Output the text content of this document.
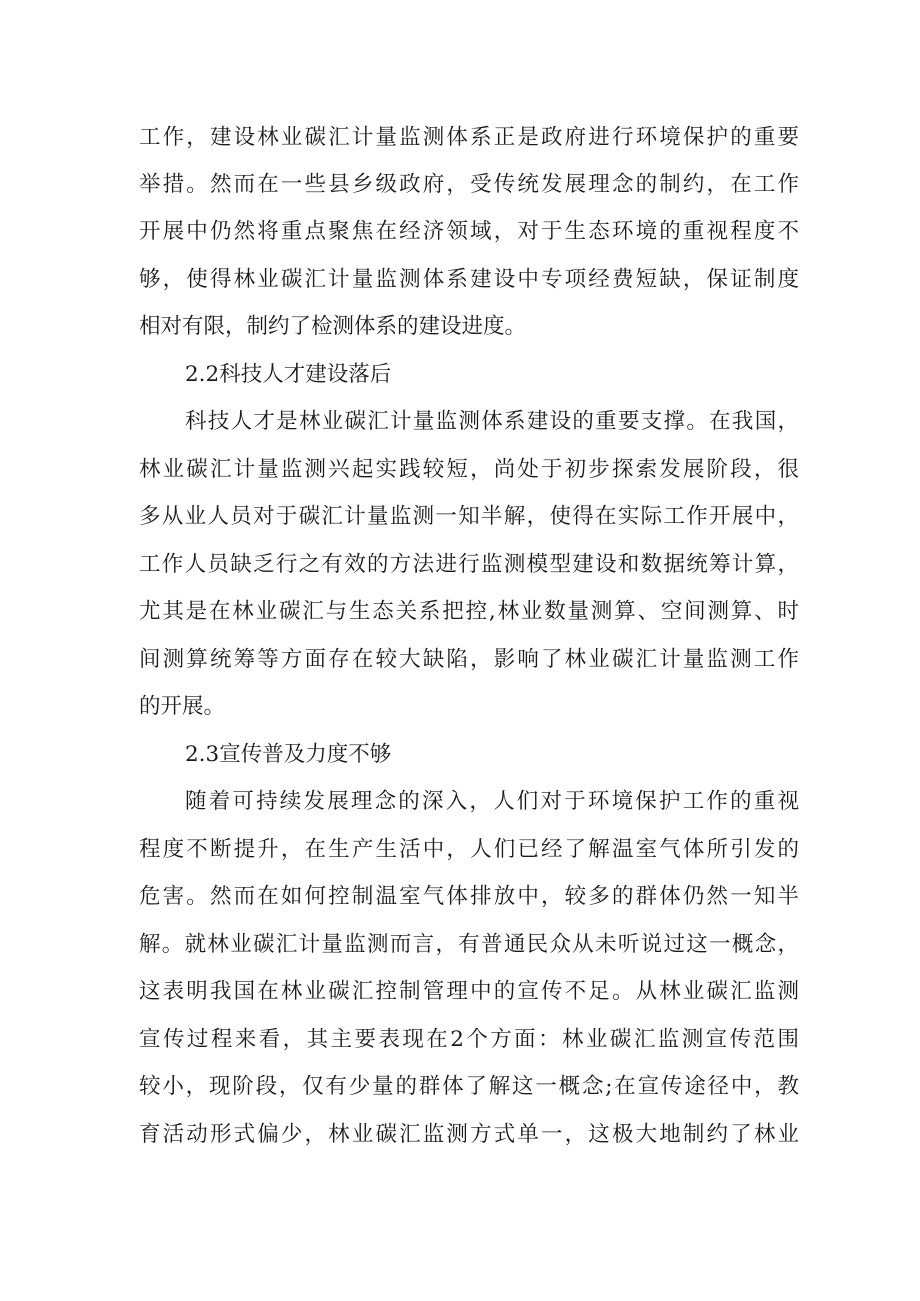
工作，建设林业碳汇计量监测体系正是政府进行环境保护的重要
举措。然而在一些县乡级政府，受传统发展理念的制约，在工作
开展中仍然将重点聚焦在经济领域，对于生态环境的重视程度不
够，使得林业碳汇计量监测体系建设中专项经费短缺，保证制度
相对有限，制约了检测体系的建设进度。
2.2科技人才建设落后
科技人才是林业碳汇计量监测体系建设的重要支撑。在我国，
林业碳汇计量监测兴起实践较短，尚处于初步探索发展阶段，很
多从业人员对于碳汇计量监测一知半解，使得在实际工作开展中，
工作人员缺乏行之有效的方法进行监测模型建设和数据统筹计算，
尤其是在林业碳汇与生态关系把控,林业数量测算、空间测算、时
间测算统筹等方面存在较大缺陷，影响了林业碳汇计量监测工作
的开展。
2.3宣传普及力度不够
随着可持续发展理念的深入，人们对于环境保护工作的重视
程度不断提升，在生产生活中，人们已经了解温室气体所引发的
危害。然而在如何控制温室气体排放中，较多的群体仍然一知半
解。就林业碳汇计量监测而言，有普通民众从未听说过这一概念，
这表明我国在林业碳汇控制管理中的宣传不足。从林业碳汇监测
宣传过程来看，其主要表现在2个方面：林业碳汇监测宣传范围
较小，现阶段，仅有少量的群体了解这一概念;在宣传途径中，教
育活动形式偏少，林业碳汇监测方式单一，这极大地制约了林业
